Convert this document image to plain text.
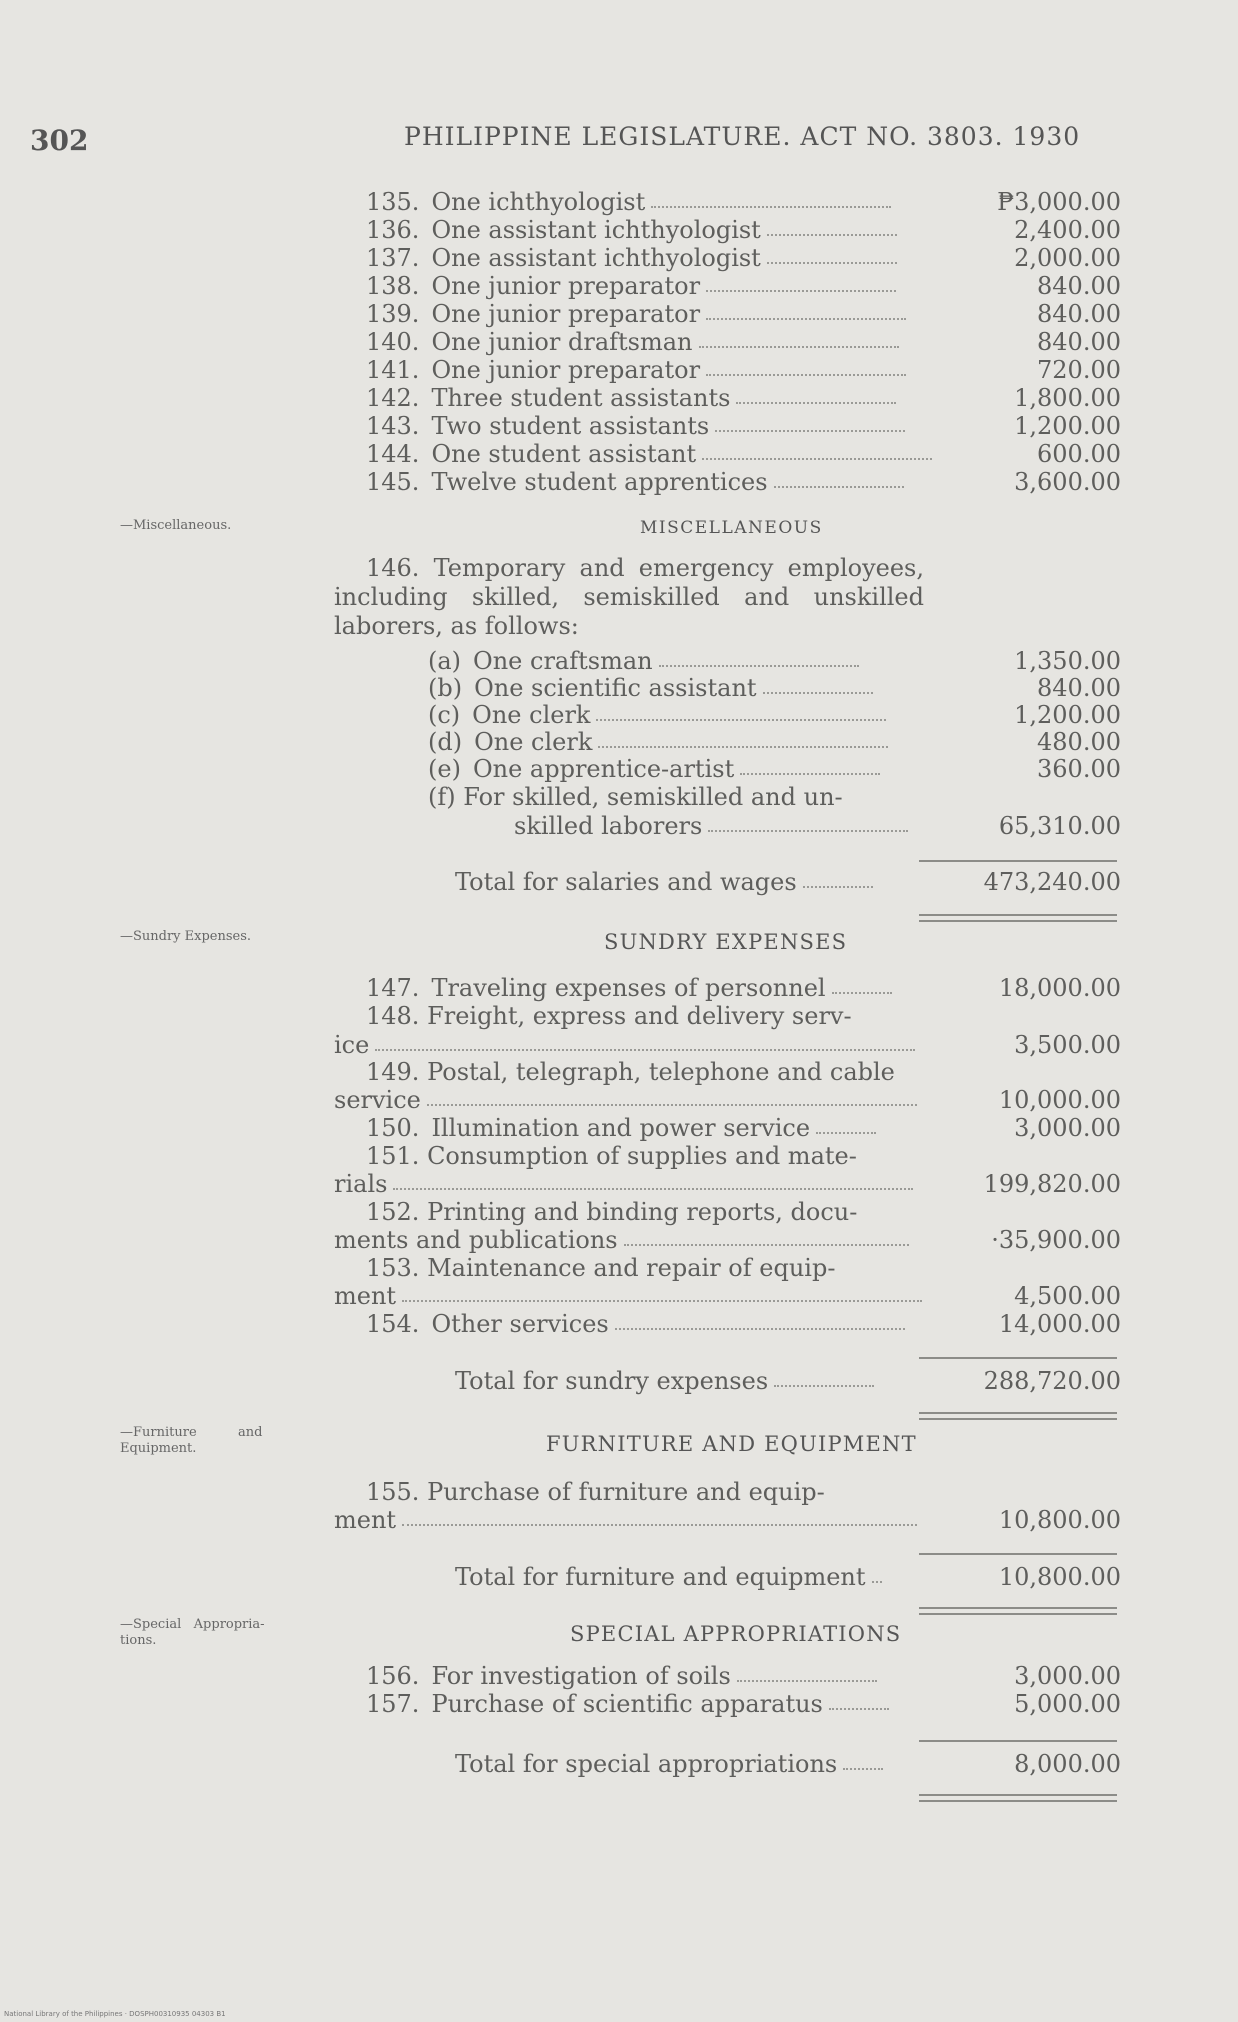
302	PHILIPPINE LEGISLATURE. ACT NO. 3803. 1930
135. One ichthyologist	₱3,000.00
136. One assistant ichthyologist	2,400.00
137. One assistant ichthyologist	2,000.00
138. One junior preparator	840.00
139. One junior preparator	840.00
140. One junior draftsman	840.00
141. One junior preparator	720.00
142. Three student assistants	1,800.00
143. Two student assistants	1,200.00
144. One student assistant	600.00
145. Twelve student apprentices	3,600.00
—Miscellaneous.	MISCELLANEOUS
146. Temporary and emergency employees, including skilled, semiskilled and unskilled laborers, as follows:
(a) One craftsman	1,350.00
(b) One scientific assistant	840.00
(c) One clerk	1,200.00
(d) One clerk	480.00
(e) One apprentice-artist	360.00
(f) For skilled, semiskilled and un-
skilled laborers	65,310.00
Total for salaries and wages	473,240.00
—Sundry Expenses.	SUNDRY EXPENSES
147. Traveling expenses of personnel	18,000.00
148. Freight, express and delivery serv-
ice	3,500.00
149. Postal, telegraph, telephone and cable
service	10,000.00
150. Illumination and power service	3,000.00
151. Consumption of supplies and mate-
rials	199,820.00
152. Printing and binding reports, docu-
ments and publications	·35,900.00
153. Maintenance and repair of equip-
ment	4,500.00
154. Other services	14,000.00
Total for sundry expenses	288,720.00
—Furniture          and
Equipment.	FURNITURE AND EQUIPMENT
155. Purchase of furniture and equip-
ment	10,800.00
Total for furniture and equipment	10,800.00
—Special   Appropria-
tions.	SPECIAL APPROPRIATIONS
156. For investigation of soils	3,000.00
157. Purchase of scientific apparatus	5,000.00
Total for special appropriations	8,000.00
National Library of the Philippines · DOSPH00310935 04303 B1
